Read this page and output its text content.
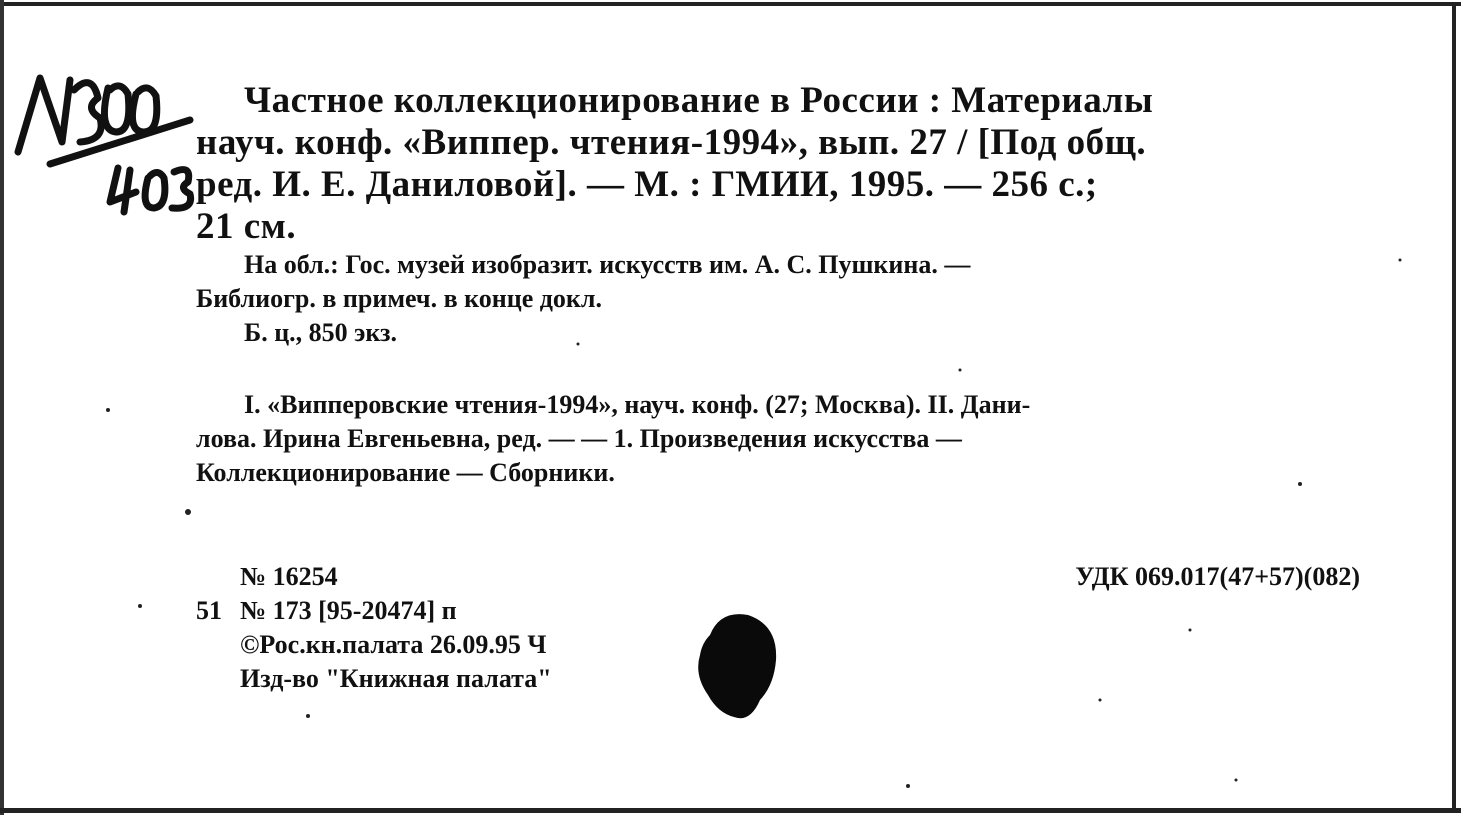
Частное коллекционирование в России : Материалы

науч. конф. «Виппер. чтения-1994», вып. 27 / [Под общ.

ред. И. Е. Даниловой]. — М. : ГМИИ, 1995. — 256 с.;

21 см.

На обл.: Гос. музей изобразит. искусств им. А. С. Пушкина. —

Библиогр. в примеч. в конце докл.

Б. ц., 850 экз.

I. «Випперовские чтения-1994», науч. конф. (27; Москва). II. Дани-

лова. Ирина Евгеньевна, ред. — — 1. Произведения искусства —

Коллекционирование — Сборники.

№ 16254

51 № 173 [95-20474] п

©Рос.кн.палата 26.09.95 Ч

Изд-во "Книжная палата"

УДК 069.017(47+57)(082)
